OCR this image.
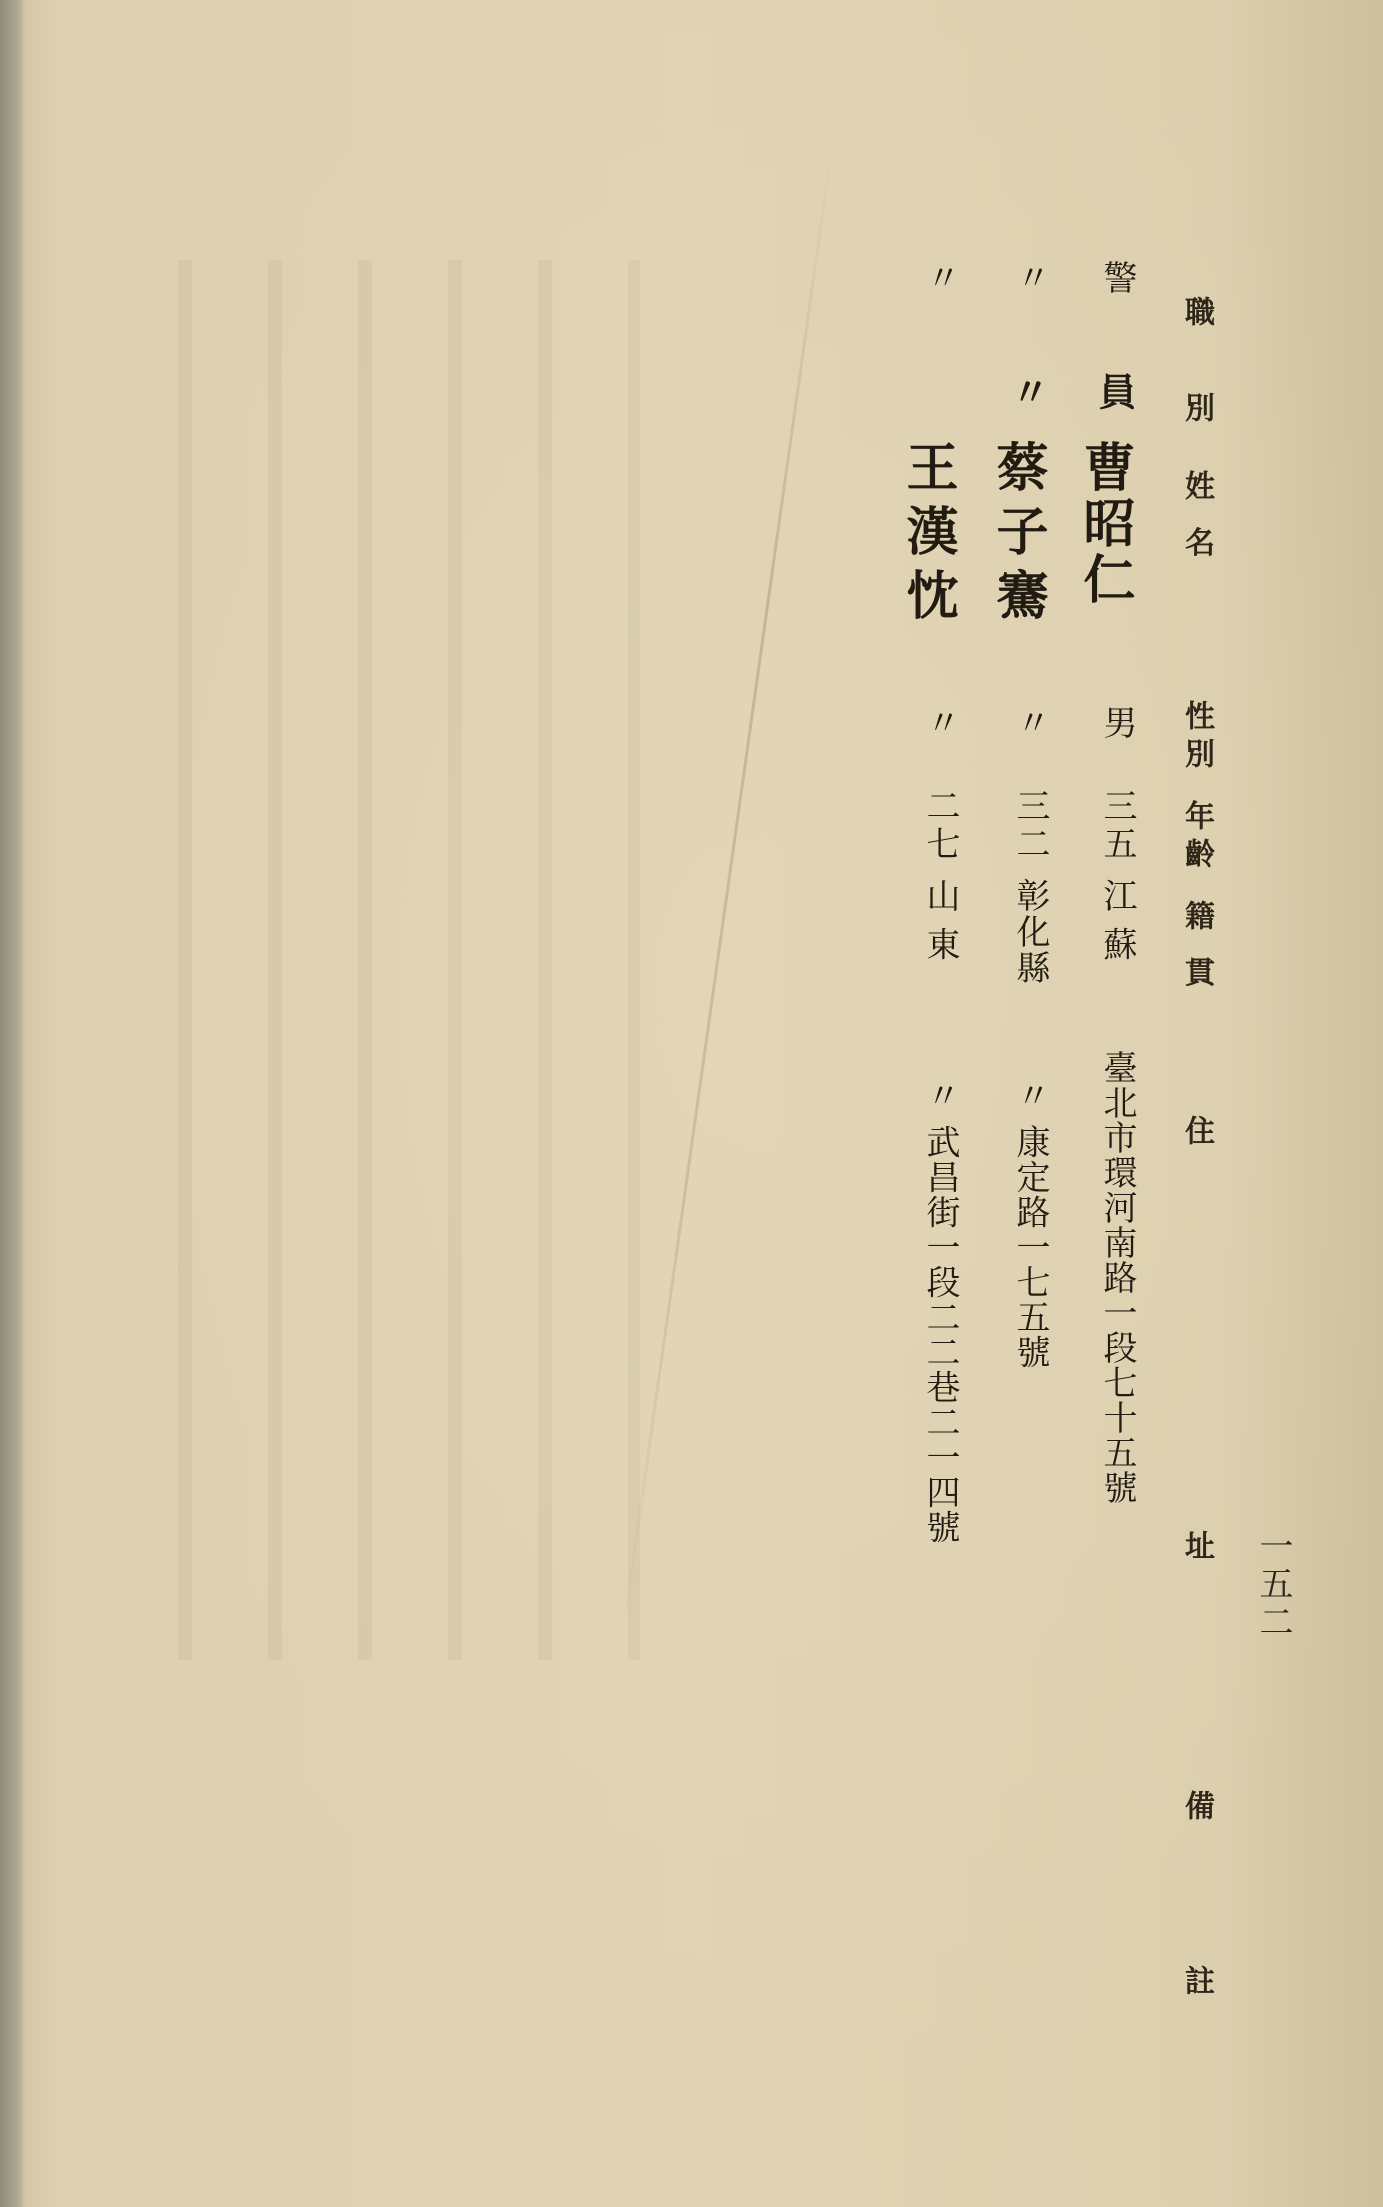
一五二
職
別
姓 名
性別
年齡
籍 貫
住
址
備
註
警
員
曹昭仁
男
三五
江 蘇
臺北市環河南路一段七十五號
〃
〃
蔡子騫
〃
三二
彰化縣
〃 康定路一七五號
〃
王漢忱
〃
二七
山 東
〃 武昌街一段二二巷二一四號
